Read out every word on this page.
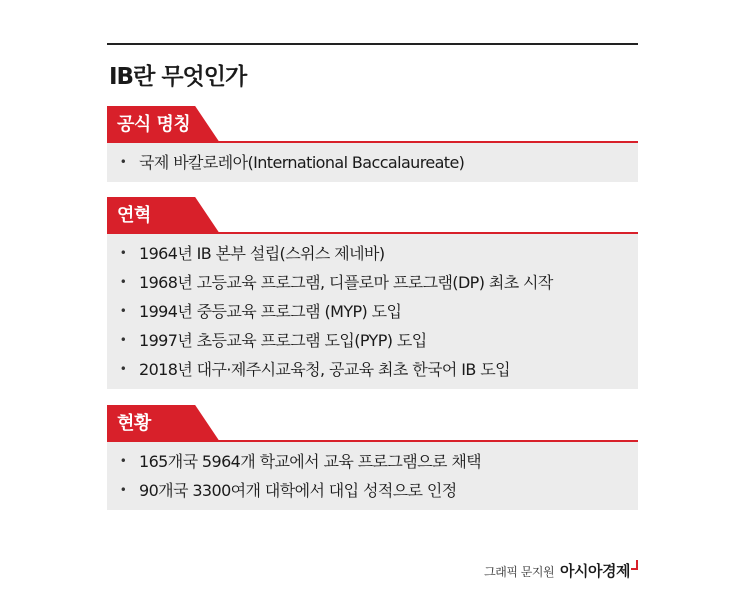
IB란 무엇인가
공식 명칭
• 국제 바칼로레아(International Baccalaureate)
연혁
• 1964년 IB 본부 설립(스위스 제네바)
• 1968년 고등교육 프로그램, 디플로마 프로그램(DP) 최초 시작
• 1994년 중등교육 프로그램 (MYP) 도입
• 1997년 초등교육 프로그램 도입(PYP) 도입
• 2018년 대구·제주시교육청, 공교육 최초 한국어 IB 도입
현황
• 165개국 5964개 학교에서 교육 프로그램으로 채택
• 90개국 3300여개 대학에서 대입 성적으로 인정
그래픽 문지원 아시아경제
